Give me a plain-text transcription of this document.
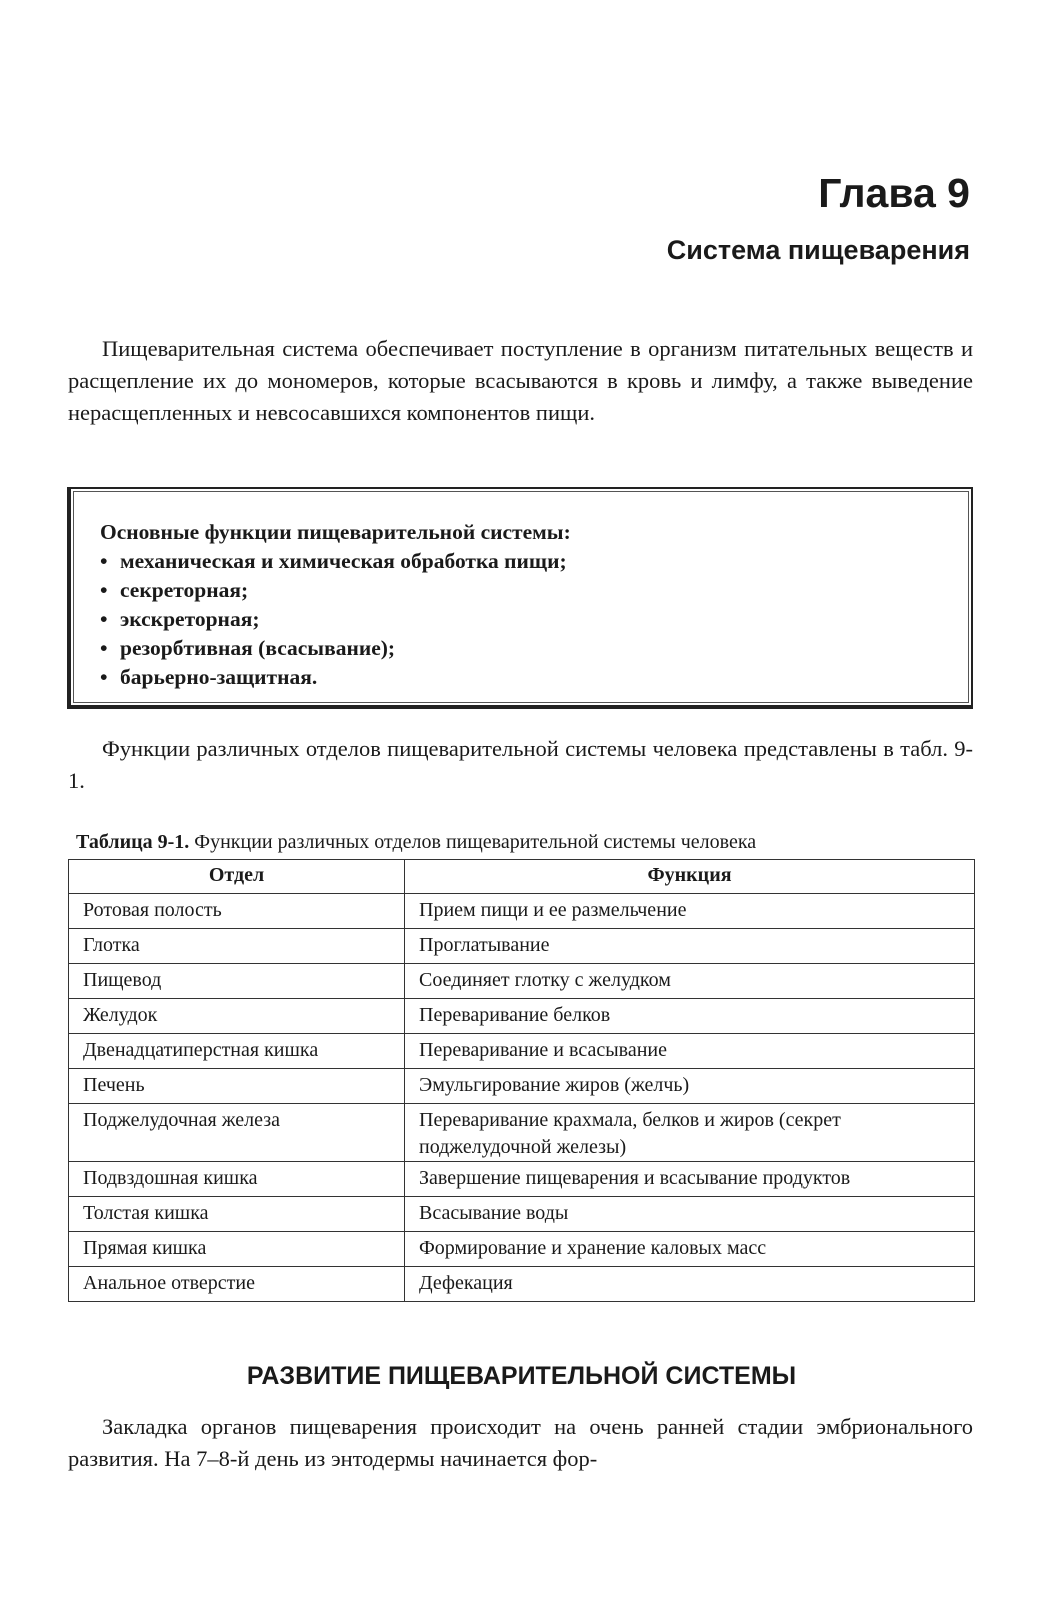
Глава 9
Система пищеварения

Пищеварительная система обеспечивает поступление в организм питательных веществ и расщепление их до мономеров, которые всасываются в кровь и лимфу, а также выведение нерасщепленных и невсосавшихся компонентов пищи.

Основные функции пищеварительной системы:

• механическая и химическая обработка пищи;
• секреторная;
• экскреторная;
• резорбтивная (всасывание);
• барьерно-защитная.

Функции различных отделов пищеварительной системы человека представлены в табл. 9-1.

Таблица 9-1. Функции различных отделов пищеварительной системы человека

Отдел	Функция
Ротовая полость	Прием пищи и ее размельчение
Глотка	Проглатывание
Пищевод	Соединяет глотку с желудком
Желудок	Переваривание белков
Двенадцатиперстная кишка	Переваривание и всасывание
Печень	Эмульгирование жиров (желчь)
Поджелудочная железа	Переваривание крахмала, белков и жиров (секрет поджелудочной железы)
Подвздошная кишка	Завершение пищеварения и всасывание продуктов
Толстая кишка	Всасывание воды
Прямая кишка	Формирование и хранение каловых масс
Анальное отверстие	Дефекация
РАЗВИТИЕ ПИЩЕВАРИТЕЛЬНОЙ СИСТЕМЫ

Закладка органов пищеварения происходит на очень ранней стадии эмбрионального развития. На 7–8-й день из энтодермы начинается фор-
